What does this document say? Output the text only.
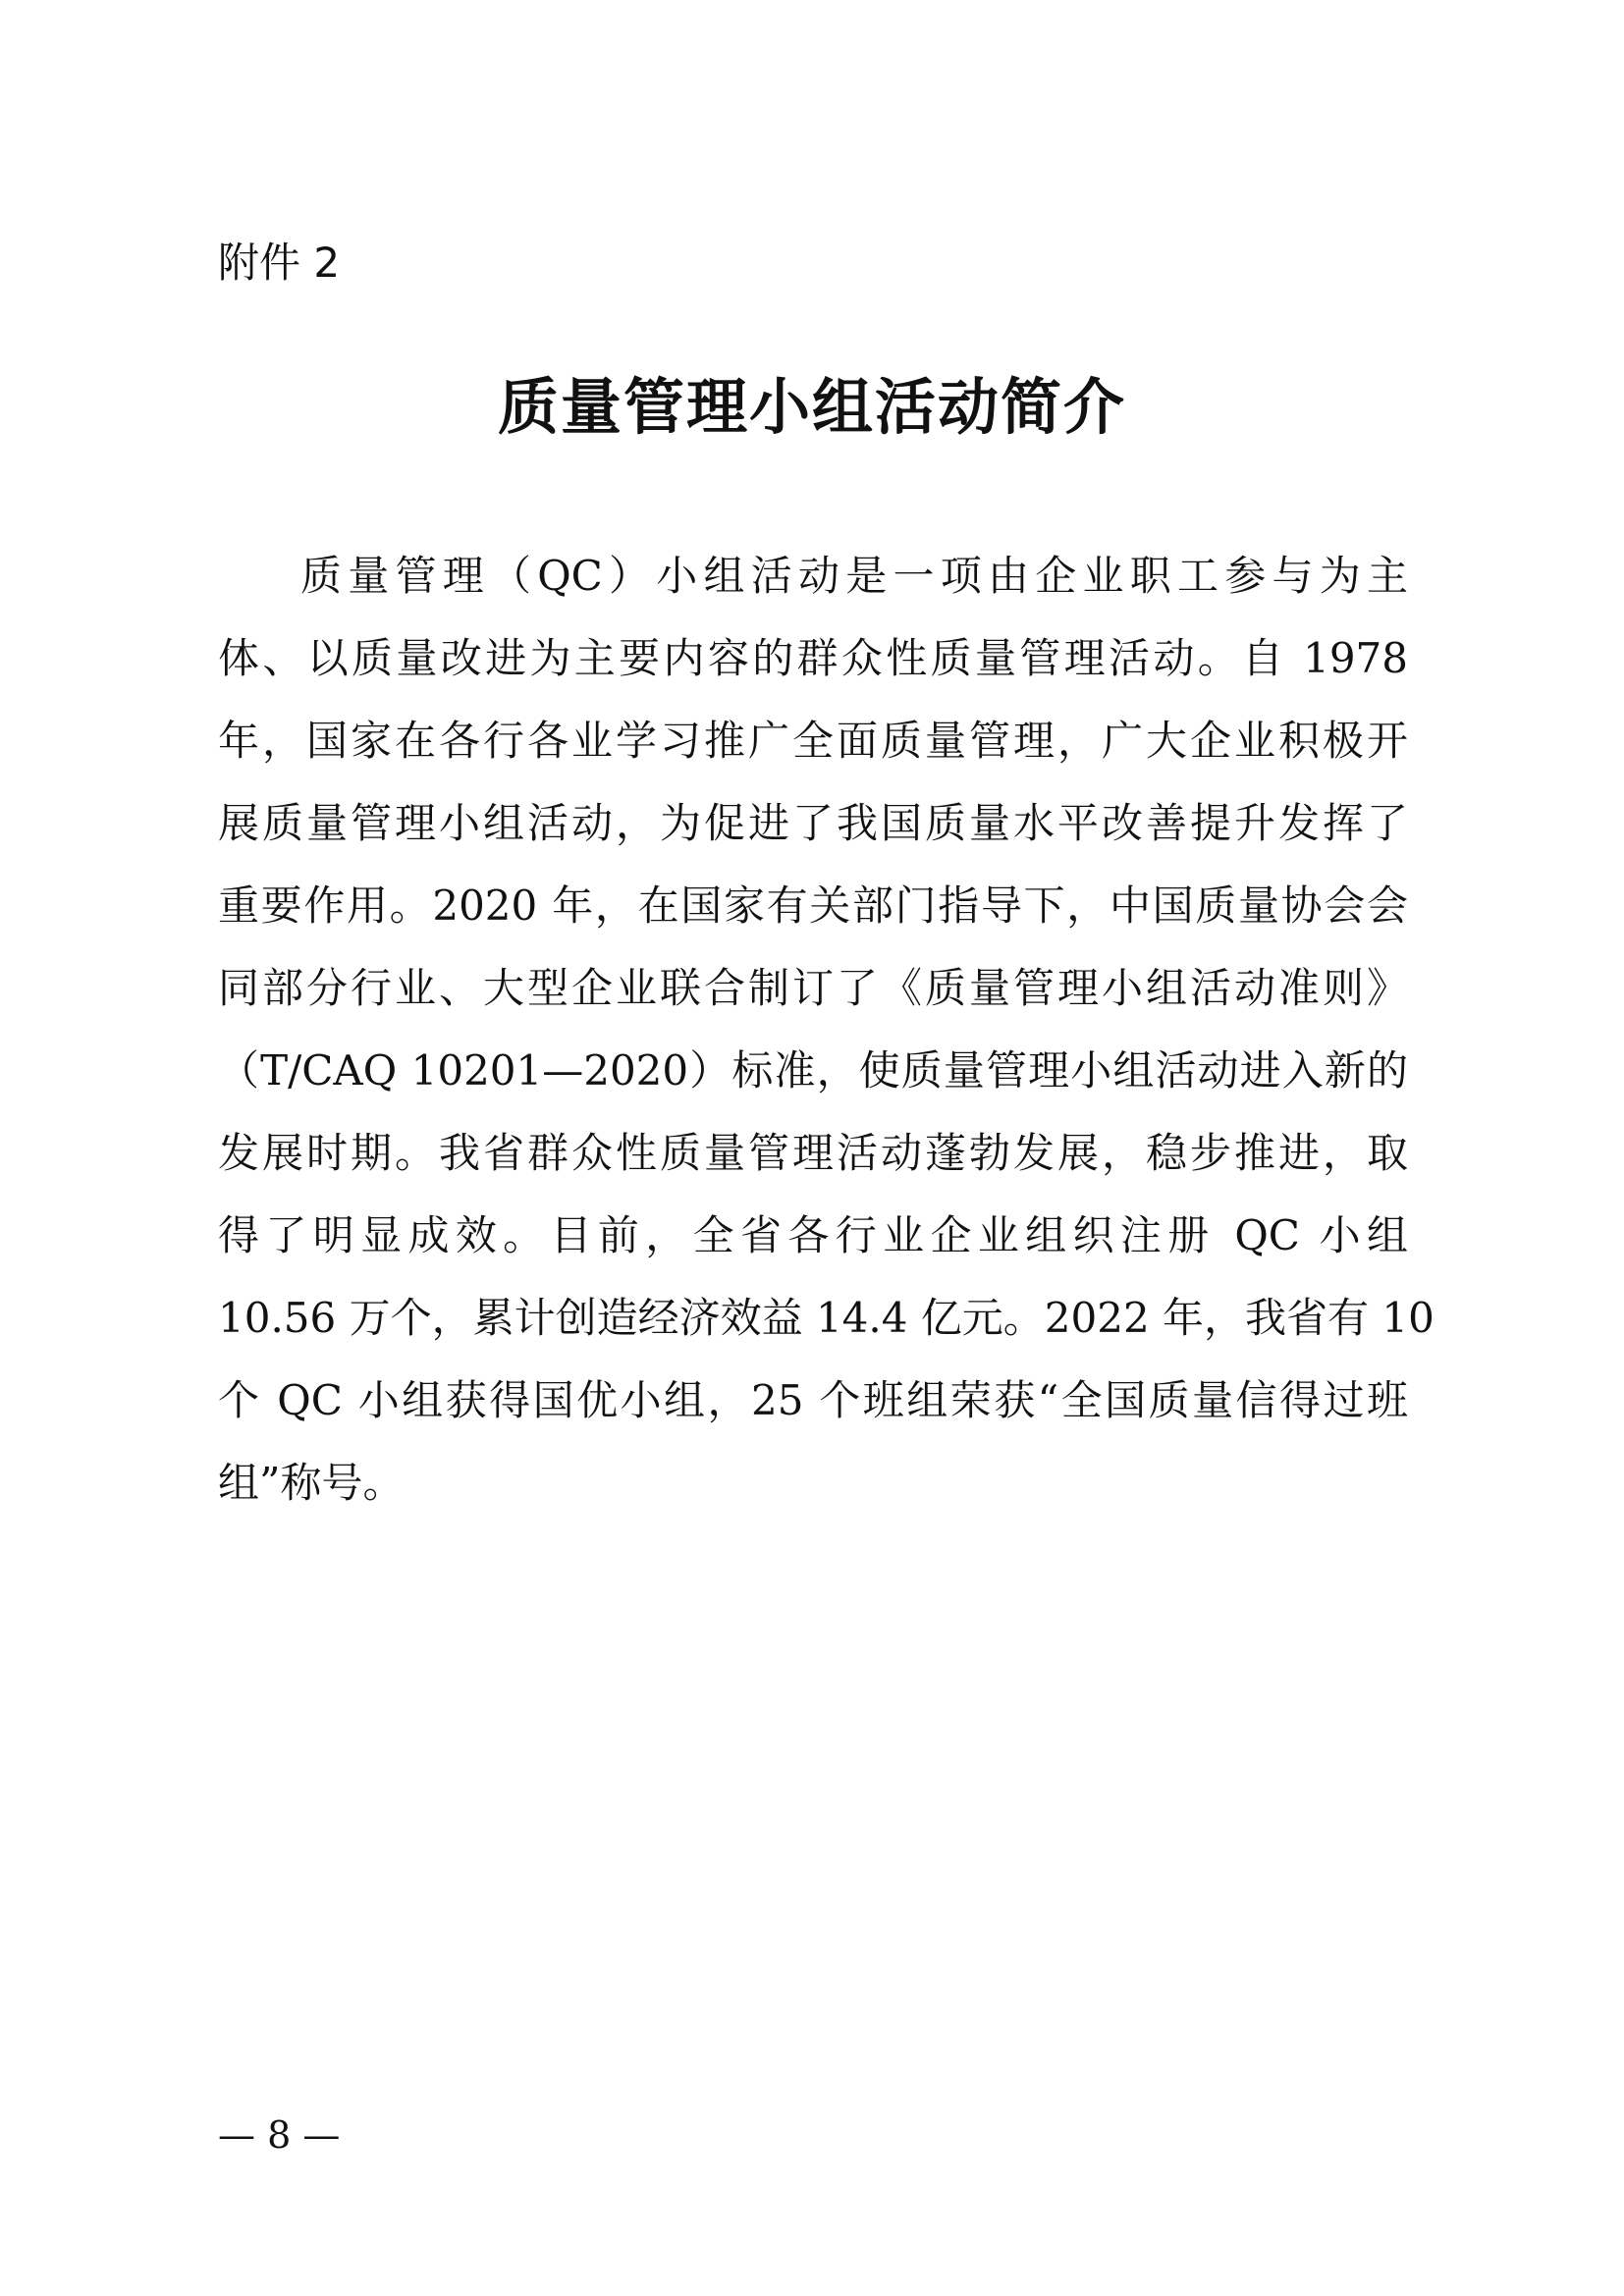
附件 2
质量管理小组活动简介
质量管理（QC）小组活动是一项由企业职工参与为主
体、以质量改进为主要内容的群众性质量管理活动。自 1978
年，国家在各行各业学习推广全面质量管理，广大企业积极开
展质量管理小组活动，为促进了我国质量水平改善提升发挥了
重要作用。2020 年，在国家有关部门指导下，中国质量协会会
同部分行业、大型企业联合制订了《质量管理小组活动准则》
（T/CAQ 10201—2020）标准，使质量管理小组活动进入新的
发展时期。我省群众性质量管理活动蓬勃发展，稳步推进，取
得了明显成效。目前，全省各行业企业组织注册 QC 小组
10.56 万个，累计创造经济效益 14.4 亿元。2022 年，我省有 10
个 QC 小组获得国优小组，25 个班组荣获“全国质量信得过班
组”称号。
— 8 —
